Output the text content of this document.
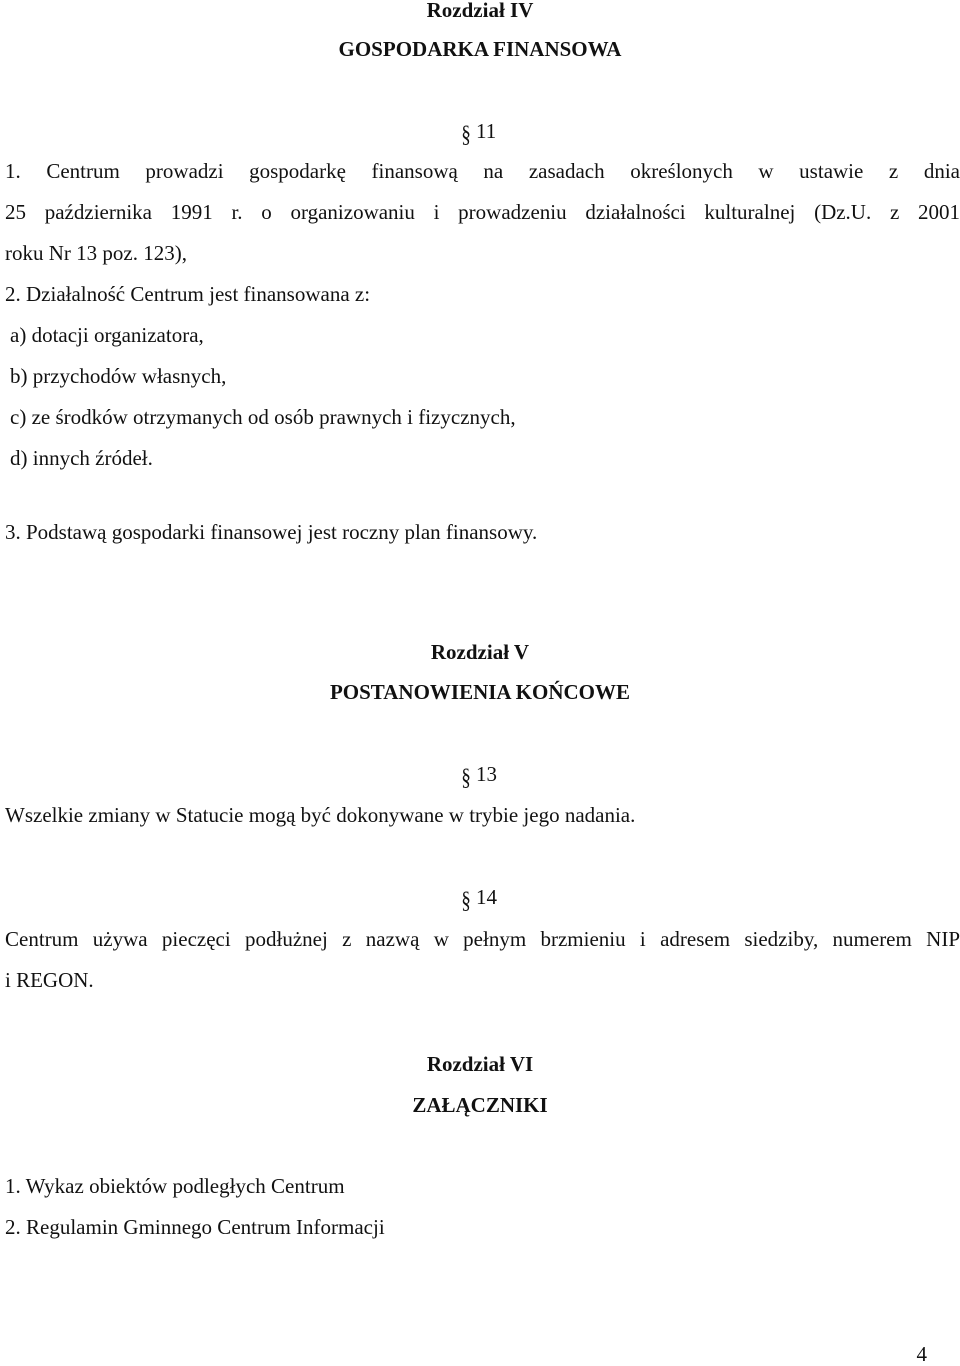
Rozdział IV
GOSPODARKA FINANSOWA
§ 11
1. Centrum prowadzi gospodarkę finansową na zasadach określonych w ustawie z dnia
25 października 1991 r. o organizowaniu i prowadzeniu działalności kulturalnej (Dz.U. z 2001
roku Nr 13 poz. 123),
2. Działalność Centrum jest finansowana z:
a) dotacji organizatora,
b) przychodów własnych,
c) ze środków otrzymanych od osób prawnych i fizycznych,
d) innych źródeł.
3. Podstawą gospodarki finansowej jest roczny plan finansowy.
Rozdział V
POSTANOWIENIA KOŃCOWE
§ 13
Wszelkie zmiany w Statucie mogą być dokonywane w trybie jego nadania.
§ 14
Centrum używa pieczęci podłużnej z nazwą w pełnym brzmieniu i adresem siedziby, numerem NIP
i REGON.
Rozdział VI
ZAŁĄCZNIKI
1. Wykaz obiektów podległych Centrum
2. Regulamin Gminnego Centrum Informacji
4
